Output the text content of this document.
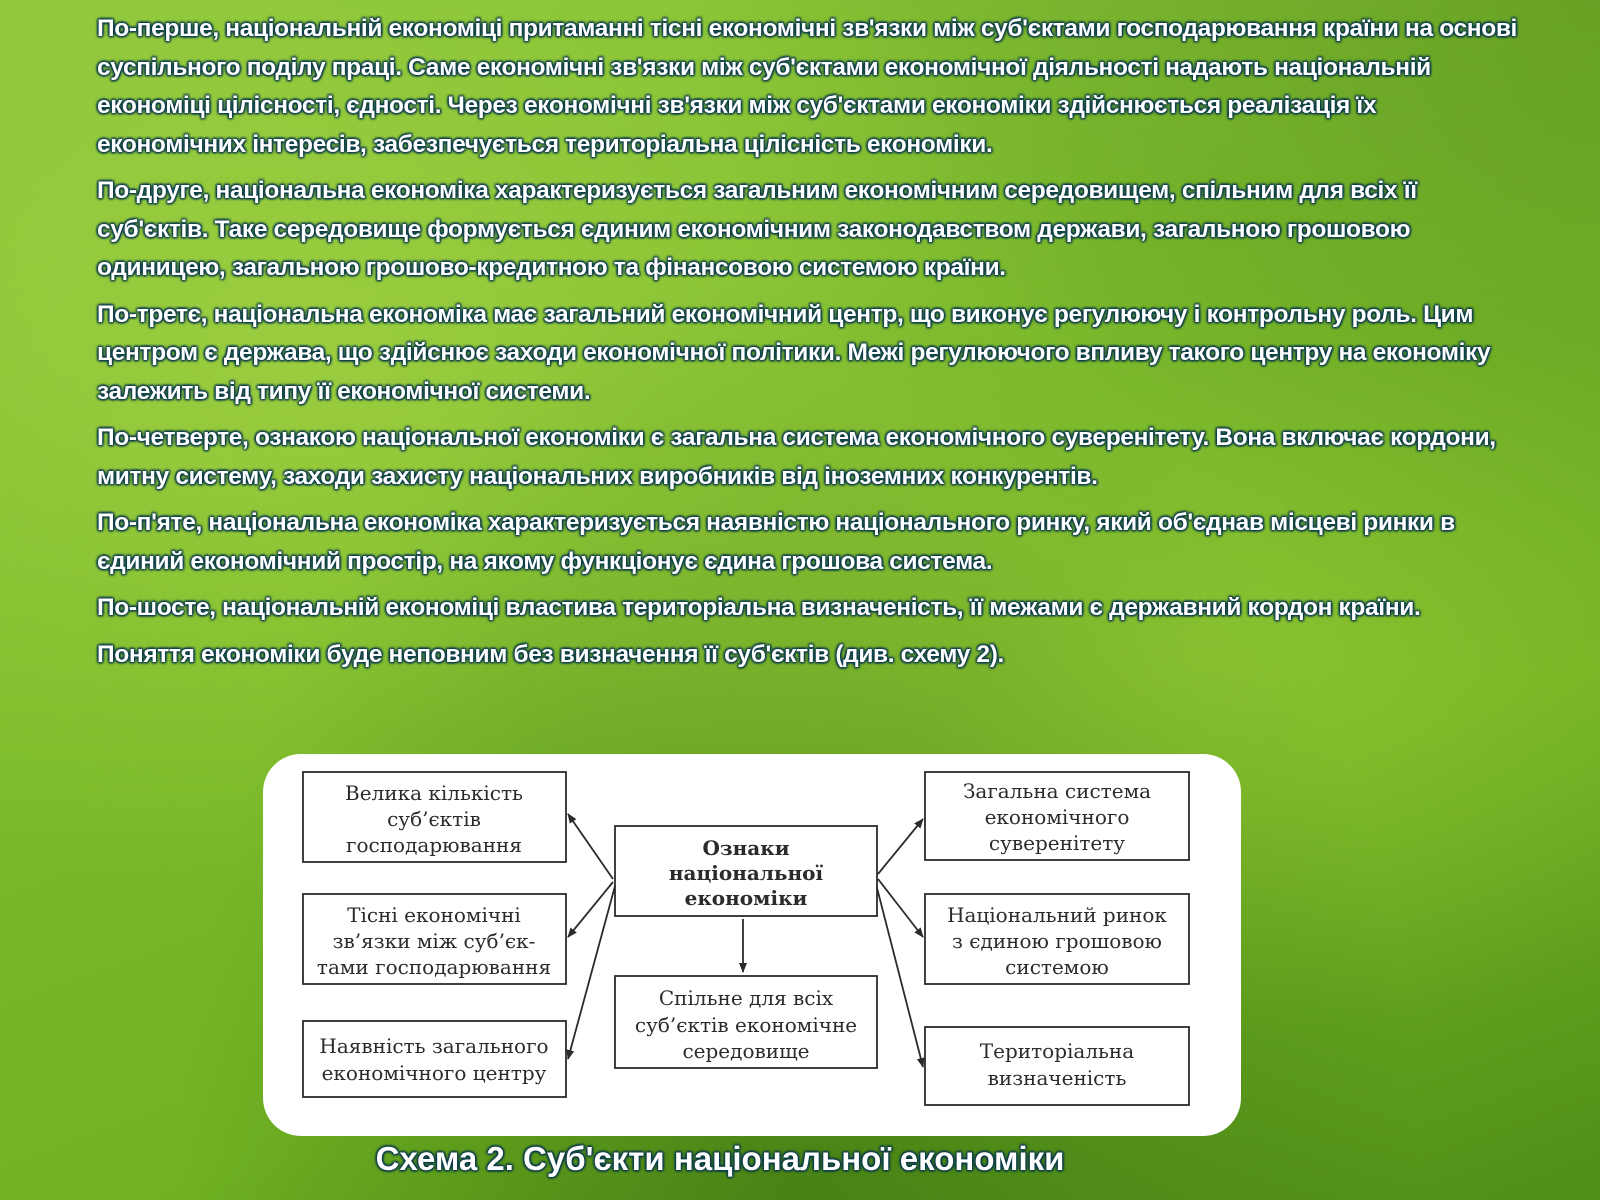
По-перше, національній економіці притаманні тісні економічні зв'язки між суб'єктами господарювання країни на основі суспільного поділу праці. Саме економічні зв'язки між суб'єктами економічної діяльності надають національній економіці цілісності, єдності. Через економічні зв'язки між суб'єктами економіки здійснюється реалізація їх економічних інтересів, забезпечується територіальна цілісність економіки.

По-друге, національна економіка характеризується загальним економічним середовищем, спільним для всіх її суб'єктів. Таке середовище формується єдиним економічним законодавством держави, загальною грошовою одиницею, загальною грошово-кредитною та фінансовою системою країни.

По-третє, національна економіка має загальний економічний центр, що виконує регулюючу і контрольну роль. Цим центром є держава, що здійснює заходи економічної політики. Межі регулюючого впливу такого центру на економіку залежить від типу її економічної системи.

По-четверте, ознакою національної економіки є загальна система економічного суверенітету. Вона включає кордони, митну систему, заходи захисту національних виробників від іноземних конкурентів.

По-п'яте, національна економіка характеризується наявністю національного ринку, який об'єднав місцеві ринки в єдиний економічний простір, на якому функціонує єдина грошова система.

По-шосте, національній економіці властива територіальна визначеність, її межами є державний кордон країни.

Поняття економіки буде неповним без визначення її суб'єктів (див. схему 2).

Ознаки
національної
економіки
Велика кількість
суб’єктів
господарювання
Тісні економічні
зв’язки між суб’єк-
тами господарювання
Наявність загального
економічного центру
Загальна система
економічного
суверенітету
Національний ринок
з єдиною грошовою
системою
Територіальна
визначеність
Спільне для всіх
суб’єктів економічне
середовище
Схема 2. Суб'єкти національної економіки
